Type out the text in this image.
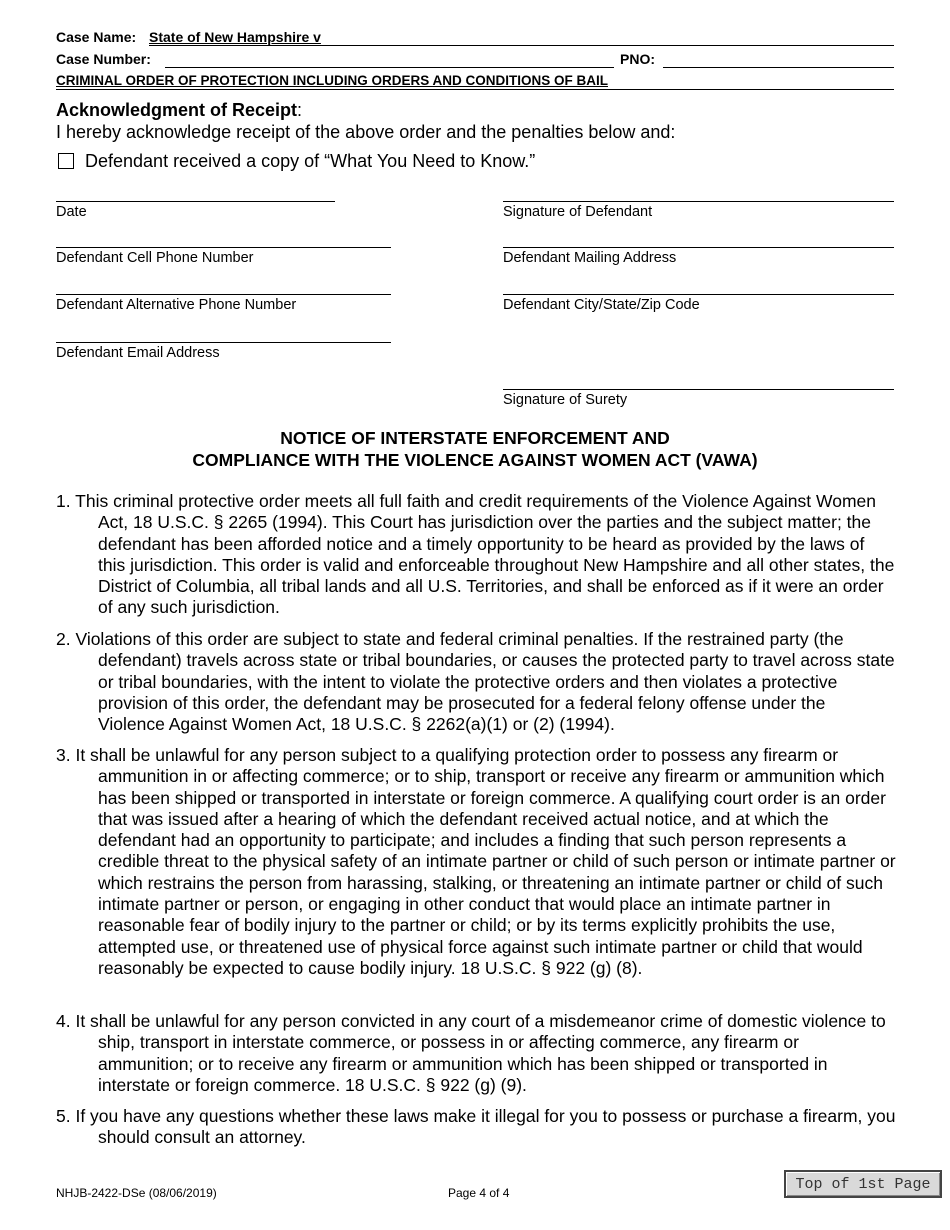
Case Name: State of New Hampshire v
Case Number:	PNO:
CRIMINAL ORDER OF PROTECTION INCLUDING ORDERS AND CONDITIONS OF BAIL
Acknowledgment of Receipt:
I hereby acknowledge receipt of the above order and the penalties below and:
Defendant received a copy of “What You Need to Know.”
Date
Defendant Cell Phone Number
Defendant Alternative Phone Number
Defendant Email Address
Signature of Defendant
Defendant Mailing Address
Defendant City/State/Zip Code
Signature of Surety
NOTICE OF INTERSTATE ENFORCEMENT AND
COMPLIANCE WITH THE VIOLENCE AGAINST WOMEN ACT (VAWA)

1. This criminal protective order meets all full faith and credit requirements of the Violence Against Women Act, 18 U.S.C. § 2265 (1994). This Court has jurisdiction over the parties and the subject matter; the defendant has been afforded notice and a timely opportunity to be heard as provided by the laws of this jurisdiction. This order is valid and enforceable throughout New Hampshire and all other states, the District of Columbia, all tribal lands and all U.S. Territories, and shall be enforced as if it were an order of any such jurisdiction.

2. Violations of this order are subject to state and federal criminal penalties. If the restrained party (the defendant) travels across state or tribal boundaries, or causes the protected party to travel across state or tribal boundaries, with the intent to violate the protective orders and then violates a protective provision of this order, the defendant may be prosecuted for a federal felony offense under the Violence Against Women Act, 18 U.S.C. § 2262(a)(1) or (2) (1994).

3. It shall be unlawful for any person subject to a qualifying protection order to possess any firearm or ammunition in or affecting commerce; or to ship, transport or receive any firearm or ammunition which has been shipped or transported in interstate or foreign commerce. A qualifying court order is an order that was issued after a hearing of which the defendant received actual notice, and at which the defendant had an opportunity to participate; and includes a finding that such person represents a credible threat to the physical safety of an intimate partner or child of such person or intimate partner or which restrains the person from harassing, stalking, or threatening an intimate partner or child of such intimate partner or person, or engaging in other conduct that would place an intimate partner in reasonable fear of bodily injury to the partner or child; or by its terms explicitly prohibits the use, attempted use, or threatened use of physical force against such intimate partner or child that would reasonably be expected to cause bodily injury. 18 U.S.C. § 922 (g) (8).

4. It shall be unlawful for any person convicted in any court of a misdemeanor crime of domestic violence to ship, transport in interstate commerce, or possess in or affecting commerce, any firearm or ammunition; or to receive any firearm or ammunition which has been shipped or transported in interstate or foreign commerce. 18 U.S.C. § 922 (g) (9).

5. If you have any questions whether these laws make it illegal for you to possess or purchase a firearm, you should consult an attorney.

NHJB-2422-DSe (08/06/2019)	Page 4 of 4
Top of 1st Page
